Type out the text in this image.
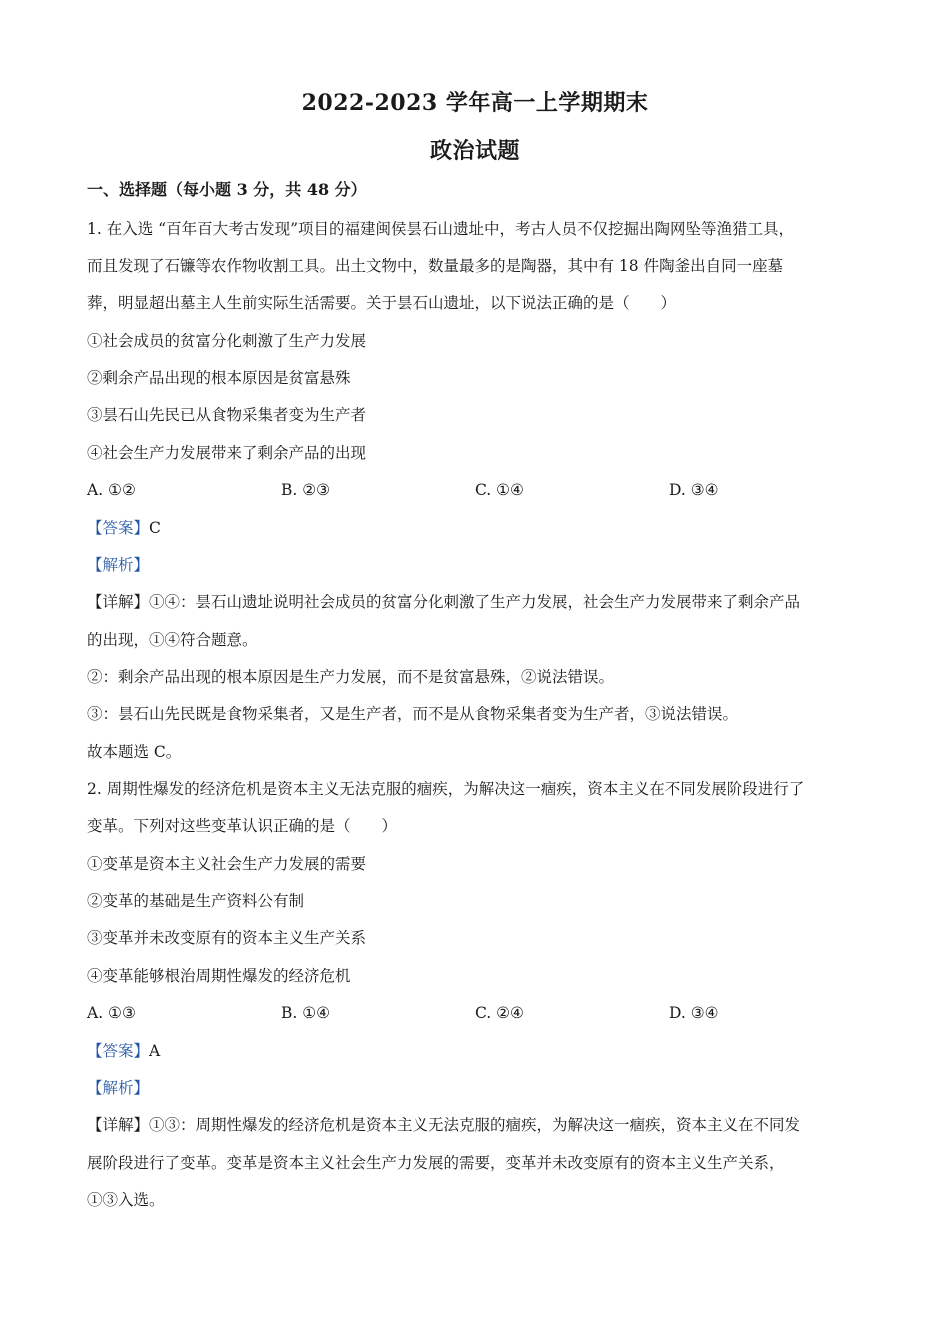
2022-2023 学年高一上学期期末
政治试题
一、选择题（每小题 3 分，共 48 分）
1. 在入选 “百年百大考古发现”项目的福建闽侯昙石山遗址中，考古人员不仅挖掘出陶网坠等渔猎工具，
而且发现了石镰等农作物收割工具。出土文物中，数量最多的是陶器，其中有 18 件陶釜出自同一座墓
葬，明显超出墓主人生前实际生活需要。关于昙石山遗址，以下说法正确的是（　　）
①社会成员的贫富分化刺激了生产力发展
②剩余产品出现的根本原因是贫富悬殊
③昙石山先民已从食物采集者变为生产者
④社会生产力发展带来了剩余产品的出现
A. ①②	B. ②③	C. ①④	D. ③④
【答案】C
【解析】
【详解】①④：昙石山遗址说明社会成员的贫富分化刺激了生产力发展，社会生产力发展带来了剩余产品
的出现，①④符合题意。
②：剩余产品出现的根本原因是生产力发展，而不是贫富悬殊，②说法错误。
③：昙石山先民既是食物采集者，又是生产者，而不是从食物采集者变为生产者，③说法错误。
故本题选 C。
2. 周期性爆发的经济危机是资本主义无法克服的痼疾，为解决这一痼疾，资本主义在不同发展阶段进行了
变革。下列对这些变革认识正确的是（　　）
①变革是资本主义社会生产力发展的需要
②变革的基础是生产资料公有制
③变革并未改变原有的资本主义生产关系
④变革能够根治周期性爆发的经济危机
A. ①③	B. ①④	C. ②④	D. ③④
【答案】A
【解析】
【详解】①③：周期性爆发的经济危机是资本主义无法克服的痼疾，为解决这一痼疾，资本主义在不同发
展阶段进行了变革。变革是资本主义社会生产力发展的需要，变革并未改变原有的资本主义生产关系，
①③入选。
